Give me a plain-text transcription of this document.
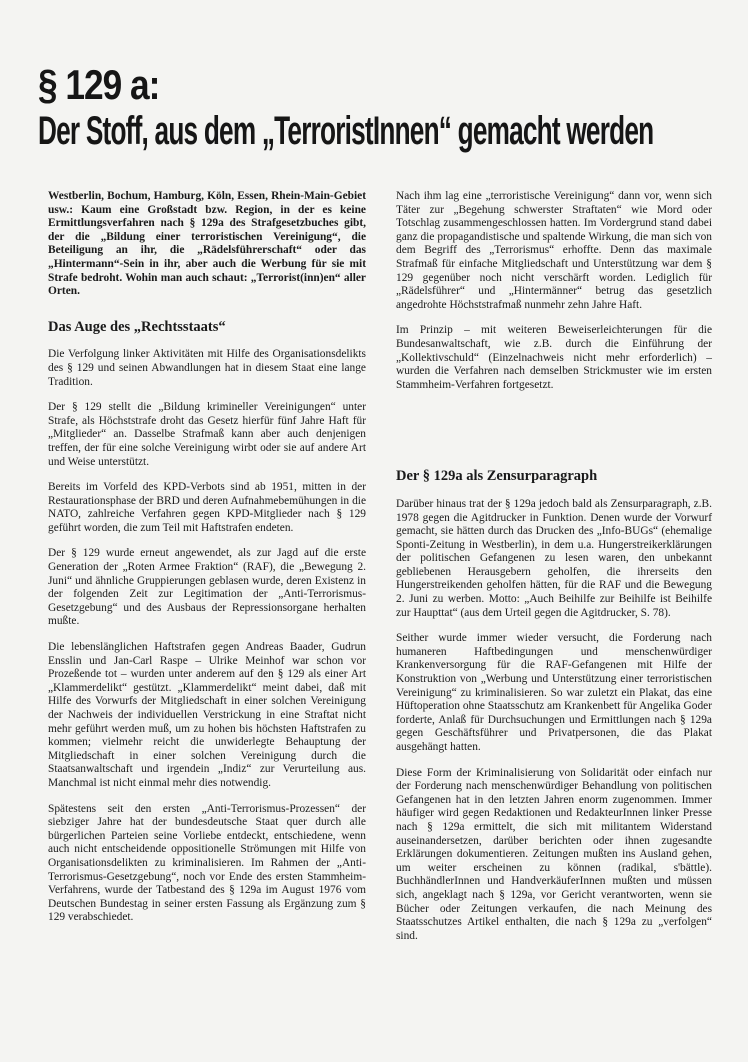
§ 129 a:
Der Stoff, aus dem „TerroristInnen“ gemacht werden

Westberlin, Bochum, Hamburg, Köln, Essen, Rhein-Main-Gebiet usw.: Kaum eine Großstadt bzw. Region, in der es keine Ermittlungsverfahren nach § 129a des Strafgesetzbuches gibt, der die „Bildung einer terroristischen Vereinigung“, die Beteiligung an ihr, die „Rädelsführerschaft“ oder das „Hintermann“-Sein in ihr, aber auch die Werbung für sie mit Strafe bedroht. Wohin man auch schaut: „Terrorist(inn)en“ aller Orten.

Das Auge des „Rechtsstaats“

Die Verfolgung linker Aktivitäten mit Hilfe des Organisationsdelikts des § 129 und seinen Abwandlungen hat in diesem Staat eine lange Tradition.

Der § 129 stellt die „Bildung krimineller Vereinigungen“ unter Strafe, als Höchststrafe droht das Gesetz hierfür fünf Jahre Haft für „Mitglieder“ an. Dasselbe Strafmaß kann aber auch denjenigen treffen, der für eine solche Vereinigung wirbt oder sie auf andere Art und Weise unterstützt.

Bereits im Vorfeld des KPD-Verbots sind ab 1951, mitten in der Restaurationsphase der BRD und deren Aufnahmebemühungen in die NATO, zahlreiche Verfahren gegen KPD-Mitglieder nach § 129 geführt worden, die zum Teil mit Haftstrafen endeten.

Der § 129 wurde erneut angewendet, als zur Jagd auf die erste Generation der „Roten Armee Fraktion“ (RAF), die „Bewegung 2. Juni“ und ähnliche Gruppierungen geblasen wurde, deren Existenz in der folgenden Zeit zur Legitimation der „Anti-Terrorismus-Gesetzgebung“ und des Ausbaus der Repressionsorgane herhalten mußte.

Die lebenslänglichen Haftstrafen gegen Andreas Baader, Gudrun Ensslin und Jan-Carl Raspe – Ulrike Meinhof war schon vor Prozeßende tot – wurden unter anderem auf den § 129 als einer Art „Klammerdelikt“ gestützt. „Klammerdelikt“ meint dabei, daß mit Hilfe des Vorwurfs der Mitgliedschaft in einer solchen Vereinigung der Nachweis der individuellen Verstrickung in eine Straftat nicht mehr geführt werden muß, um zu hohen bis höchsten Haftstrafen zu kommen; vielmehr reicht die unwiderlegte Behauptung der Mitgliedschaft in einer solchen Vereinigung durch die Staatsanwaltschaft und irgendein „Indiz“ zur Verurteilung aus. Manchmal ist nicht einmal mehr dies notwendig.

Spätestens seit den ersten „Anti-Terrorismus-Prozessen“ der siebziger Jahre hat der bundesdeutsche Staat quer durch alle bürgerlichen Parteien seine Vorliebe entdeckt, entschiedene, wenn auch nicht entscheidende oppositionelle Strömungen mit Hilfe von Organisationsdelikten zu kriminalisieren. Im Rahmen der „Anti-Terrorismus-Gesetzgebung“, noch vor Ende des ersten Stammheim-Verfahrens, wurde der Tatbestand des § 129a im August 1976 vom Deutschen Bundestag in seiner ersten Fassung als Ergänzung zum § 129 verabschiedet.

Nach ihm lag eine „terroristische Vereinigung“ dann vor, wenn sich Täter zur „Begehung schwerster Straftaten“ wie Mord oder Totschlag zusammengeschlossen hatten. Im Vordergrund stand dabei ganz die propagandistische und spaltende Wirkung, die man sich von dem Begriff des „Terrorismus“ erhoffte. Denn das maximale Strafmaß für einfache Mitgliedschaft und Unterstützung war dem § 129 gegenüber noch nicht verschärft worden. Lediglich für „Rädelsführer“ und „Hintermänner“ betrug das gesetzlich angedrohte Höchststrafmaß nunmehr zehn Jahre Haft.

Im Prinzip – mit weiteren Beweiserleichterungen für die Bundesanwaltschaft, wie z.B. durch die Einführung der „Kollektivschuld“ (Einzelnachweis nicht mehr erforderlich) – wurden die Verfahren nach demselben Strickmuster wie im ersten Stammheim-Verfahren fortgesetzt.

Der § 129a als Zensurparagraph

Darüber hinaus trat der § 129a jedoch bald als Zensurparagraph, z.B. 1978 gegen die Agitdrucker in Funktion. Denen wurde der Vorwurf gemacht, sie hätten durch das Drucken des „Info-BUGs“ (ehemalige Sponti-Zeitung in Westberlin), in dem u.a. Hungerstreikerklärungen der politischen Gefangenen zu lesen waren, den unbekannt gebliebenen Herausgebern geholfen, die ihrerseits den Hungerstreikenden geholfen hätten, für die RAF und die Bewegung 2. Juni zu werben. Motto: „Auch Beihilfe zur Beihilfe ist Beihilfe zur Haupttat“ (aus dem Urteil gegen die Agitdrucker, S. 78).

Seither wurde immer wieder versucht, die Forderung nach humaneren Haftbedingungen und menschenwürdiger Krankenversorgung für die RAF-Gefangenen mit Hilfe der Konstruktion von „Werbung und Unterstützung einer terroristischen Vereinigung“ zu kriminalisieren. So war zuletzt ein Plakat, das eine Hüftoperation ohne Staatsschutz am Krankenbett für Angelika Goder forderte, Anlaß für Durchsuchungen und Ermittlungen nach § 129a gegen Geschäftsführer und Privatpersonen, die das Plakat ausgehängt hatten.

Diese Form der Kriminalisierung von Solidarität oder einfach nur der Forderung nach menschenwürdiger Behandlung von politischen Gefangenen hat in den letzten Jahren enorm zugenommen. Immer häufiger wird gegen Redaktionen und RedakteurInnen linker Presse nach § 129a ermittelt, die sich mit militantem Widerstand auseinandersetzen, darüber berichten oder ihnen zugesandte Erklärungen dokumentieren. Zeitungen mußten ins Ausland gehen, um weiter erscheinen zu können (radikal, s'bättle). BuchhändlerInnen und HandverkäuferInnen mußten und müssen sich, angeklagt nach § 129a, vor Gericht verantworten, wenn sie Bücher oder Zeitungen verkaufen, die nach Meinung des Staatsschutzes Artikel enthalten, die nach § 129a zu „verfolgen“ sind.
